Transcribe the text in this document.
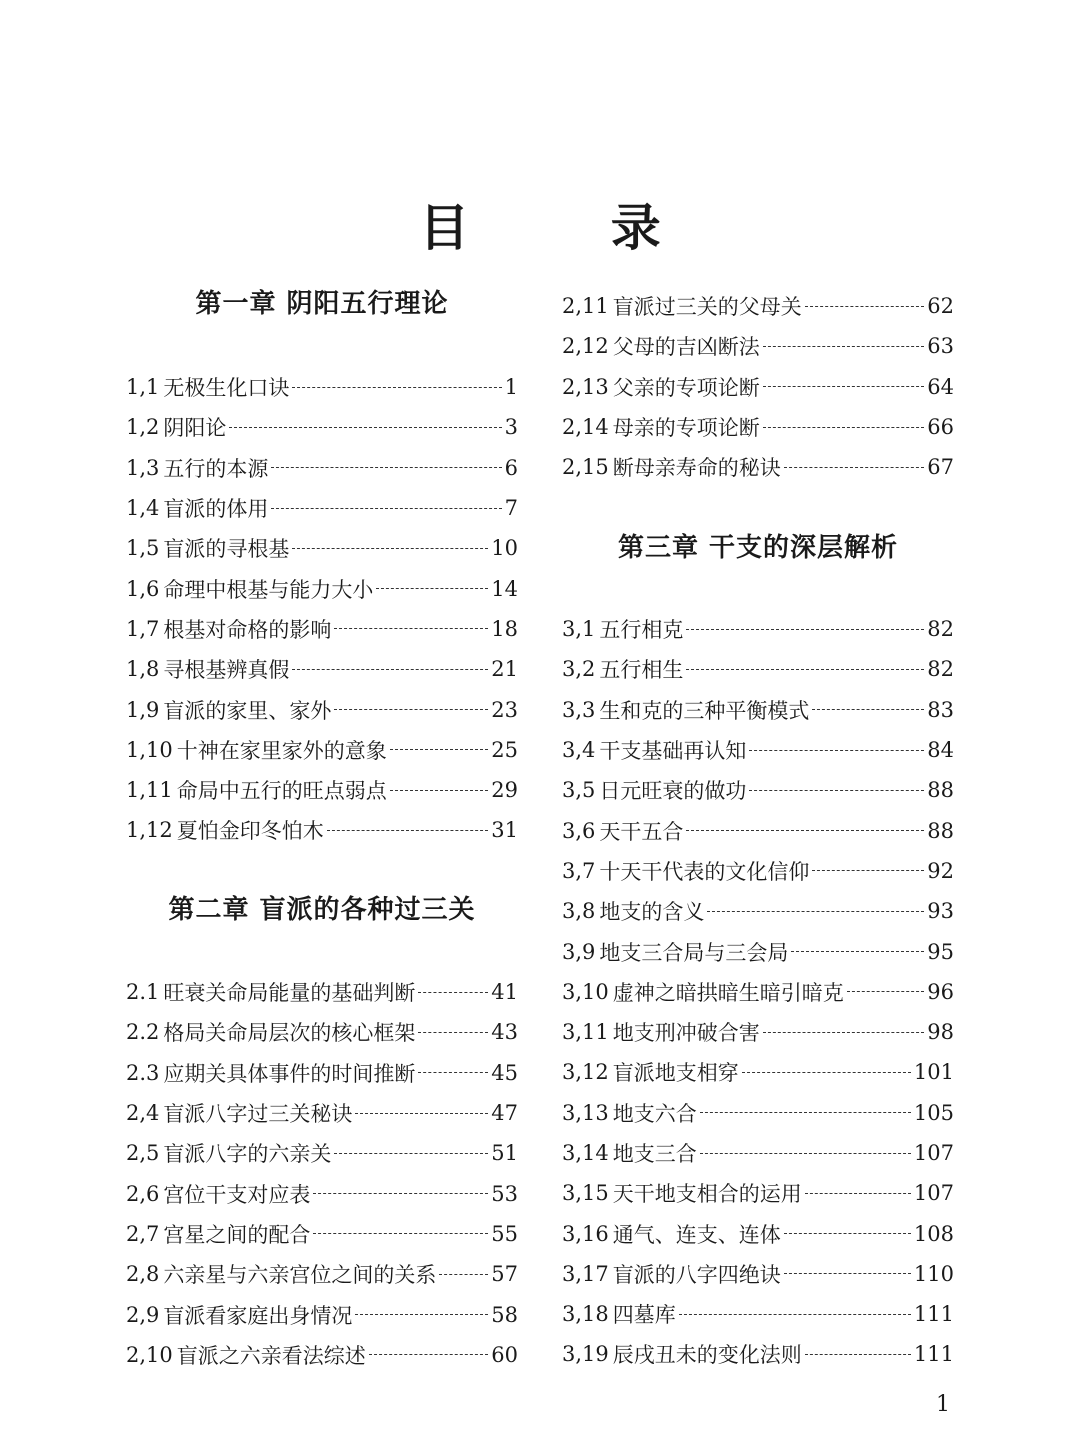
目 录
第一章 阴阳五行理论
1,1 无极生化口诀	1
1,2 阴阳论	3
1,3 五行的本源	6
1,4 盲派的体用	7
1,5 盲派的寻根基	10
1,6 命理中根基与能力大小	14
1,7 根基对命格的影响	18
1,8 寻根基辨真假	21
1,9 盲派的家里、家外	23
1,10 十神在家里家外的意象	25
1,11 命局中五行的旺点弱点	29
1,12 夏怕金印冬怕木	31
第二章 盲派的各种过三关
2.1 旺衰关命局能量的基础判断	41
2.2 格局关命局层次的核心框架	43
2.3 应期关具体事件的时间推断	45
2,4 盲派八字过三关秘诀	47
2,5 盲派八字的六亲关	51
2,6 宫位干支对应表	53
2,7 宫星之间的配合	55
2,8 六亲星与六亲宫位之间的关系	57
2,9 盲派看家庭出身情况	58
2,10 盲派之六亲看法综述	60
2,11 盲派过三关的父母关	62
2,12 父母的吉凶断法	63
2,13 父亲的专项论断	64
2,14 母亲的专项论断	66
2,15 断母亲寿命的秘诀	67
第三章 干支的深层解析
3,1 五行相克	82
3,2 五行相生	82
3,3 生和克的三种平衡模式	83
3,4 干支基础再认知	84
3,5 日元旺衰的做功	88
3,6 天干五合	88
3,7 十天干代表的文化信仰	92
3,8 地支的含义	93
3,9 地支三合局与三会局	95
3,10 虚神之暗拱暗生暗引暗克	96
3,11 地支刑冲破合害	98
3,12 盲派地支相穿	101
3,13 地支六合	105
3,14 地支三合	107
3,15 天干地支相合的运用	107
3,16 通气、连支、连体	108
3,17 盲派的八字四绝诀	110
3,18 四墓库	111
3,19 辰戌丑未的变化法则	111
1
